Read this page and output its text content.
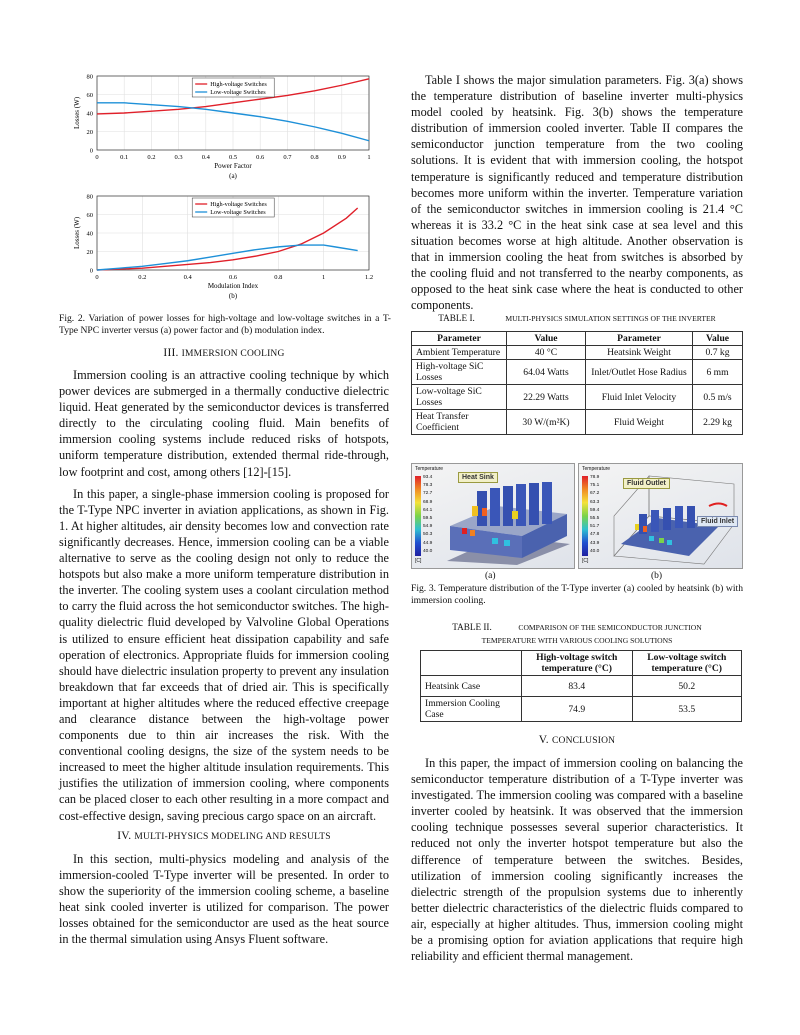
0
20
40
60
80
0	0.1	0.2	0.3	0.4	0.5	0.6	0.7	0.8	0.9	1
High-voltage Switches
Low-voltage Switches
Power Factor
(a)
Losses (W)
0
20
40
60
80
0	0.2	0.4	0.6	0.8	1	1.2
High-voltage Switches
Low-voltage Switches
Modulation Index
(b)
Losses (W)

Fig. 2. Variation of power losses for high-voltage and low-voltage switches in a T-Type NPC inverter versus (a) power factor and (b) modulation index.

III. IMMERSION COOLING

Immersion cooling is an attractive cooling technique by which power devices are submerged in a thermally conductive dielectric liquid. Heat generated by the semiconductor devices is transferred directly to the circulating cooling fluid. Main benefits of immersion cooling systems include reduced risks of hotspots, uniform temperature distribution, extended thermal ride-through, low footprint and cost, among others [12]-[15].

In this paper, a single-phase immersion cooling is proposed for the T-Type NPC inverter in aviation applications, as shown in Fig. 1. At higher altitudes, air density becomes low and convection rate significantly decreases. Hence, immersion cooling can be a viable alternative to serve as the cooling design not only to reduce the hotspots but also make a more uniform temperature distribution in the inverter. The cooling system uses a coolant circulation method to carry the fluid across the hot semiconductor switches. The high-quality dielectric fluid developed by Valvoline Global Operations is utilized to ensure efficient heat dissipation capability and safe operation of electronics. Appropriate fluids for immersion cooling should have dielectric insulation property to prevent any insulation breakdown that far exceeds that of dried air. This is specifically important at higher altitudes where the reduced effective creepage and clearance distance between the high-voltage power components due to thin air increases the risk. With the conventional cooling designs, the size of the system needs to be increased to meet the higher altitude insulation requirements. This justifies the utilization of immersion cooling, where components can be placed closer to each other resulting in a more compact and cost-effective design, saving precious cargo space on an aircraft.

IV. MULTI-PHYSICS MODELING AND RESULTS

In this section, multi-physics modeling and analysis of the immersion-cooled T-Type inverter will be presented. In order to show the superiority of the immersion cooling scheme, a baseline heat sink cooled inverter is utilized for comparison. The power losses obtained for the semiconductor are used as the heat source in the thermal simulation using Ansys Fluent software.

Table I shows the major simulation parameters. Fig. 3(a) shows the temperature distribution of baseline inverter multi-physics model cooled by heatsink. Fig. 3(b) shows the temperature distribution of immersion cooled inverter. Table II compares the semiconductor junction temperature from the two cooling solutions. It is evident that with immersion cooling, the hotspot temperature is significantly reduced and temperature distribution becomes more uniform within the inverter. Temperature variation of the semiconductor switches in immersion cooling is 21.4 °C whereas it is 33.2 °C in the heat sink case at sea level and this situation becomes worse at high altitude. Another observation is that in immersion cooling the heat from switches is absorbed by the cooling fluid and not transferred to the nearby components, as opposed to the heat sink case where the heat is conducted to other components.

TABLE I.	MULTI-PHYSICS SIMULATION SETTINGS OF THE INVERTER

Parameter	Value	Parameter	Value
Ambient Temperature	40 °C	Heatsink Weight	0.7 kg
High-voltage SiC Losses	64.04 Watts	Inlet/Outlet Hose Radius	6 mm
Low-voltage SiC Losses	22.29 Watts	Fluid Inlet Velocity	0.5 m/s
Heat Transfer Coefficient	30 W/(m²K)	Fluid Weight	2.29 kg
Temperature
93.4
78.3
72.7
68.9
64.1
59.5
54.9
50.3
44.9
40.0
[C]
Heat Sink
Temperature
78.9
75.1
67.2
63.3
59.4
55.5
51.7
47.8
43.9
40.0
[C]
Fluid Outlet
Fluid Inlet
(a)	(b)

Fig. 3. Temperature distribution of the T-Type inverter (a) cooled by heatsink (b) with immersion cooling.

TABLE II.	COMPARISON OF THE SEMICONDUCTOR JUNCTION
TEMPERATURE WITH VARIOUS COOLING SOLUTIONS

	High-voltage switch temperature (°C)	Low-voltage switch temperature (°C)
Heatsink Case	83.4	50.2
Immersion Cooling Case	74.9	53.5

V. CONCLUSION

In this paper, the impact of immersion cooling on balancing the semiconductor temperature distribution of a T-Type inverter was investigated. The immersion cooling was compared with a baseline inverter cooled by heatsink. It was observed that the immersion cooling technique possesses several superior characteristics. It reduced not only the inverter hotspot temperature but also the difference of temperature between the switches. Besides, utilization of immersion cooling significantly increases the dielectric strength of the propulsion systems due to inherently better dielectric characteristics of the dielectric fluids compared to air, especially at higher altitudes. Thus, immersion cooling might be a promising option for aviation applications that require high reliability and efficient thermal management.
